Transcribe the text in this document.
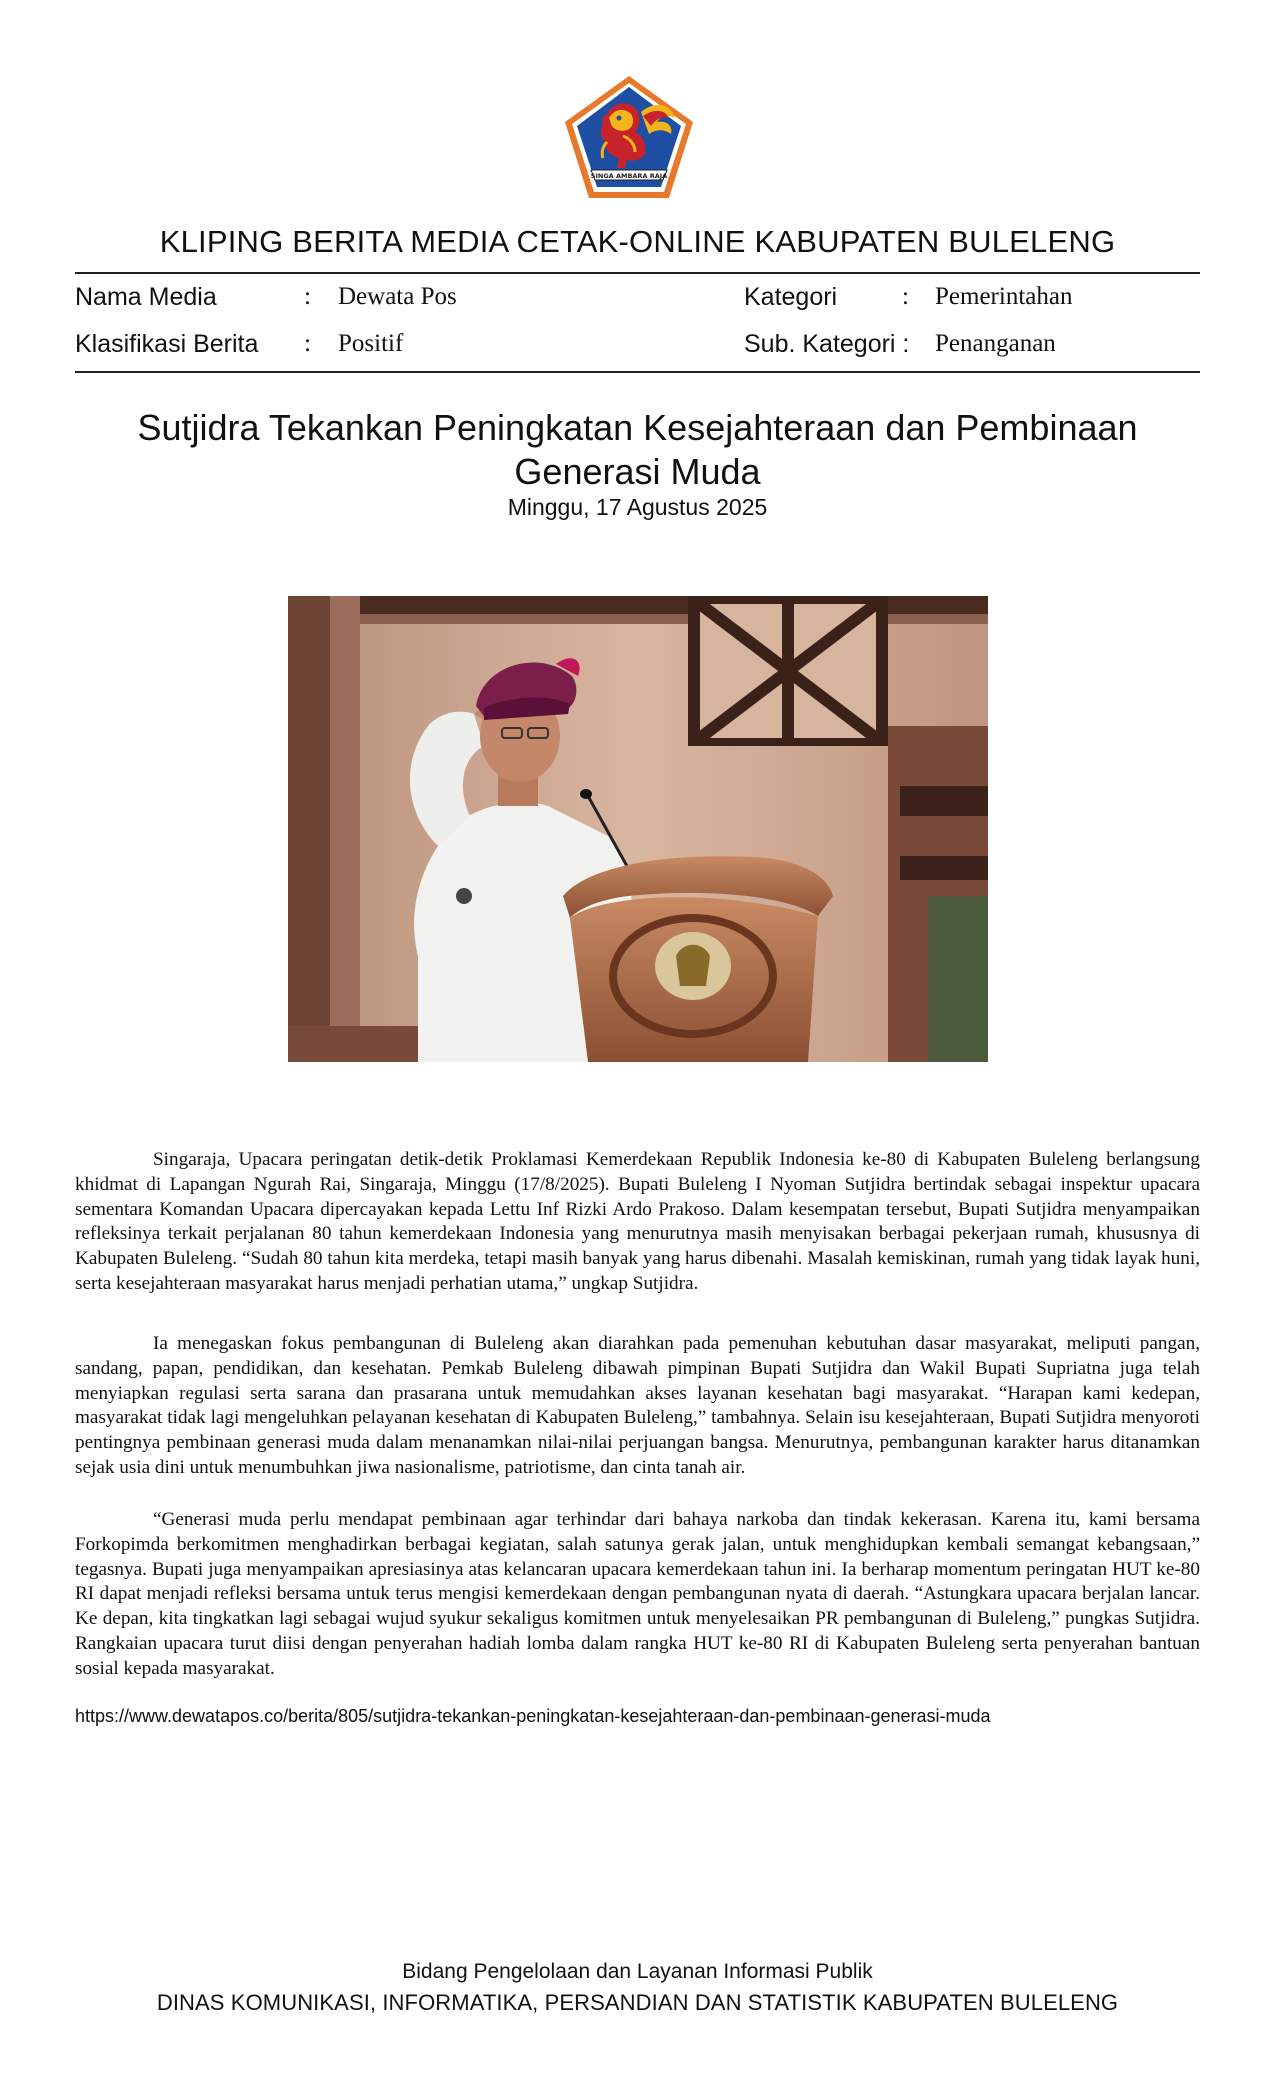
SINGA AMBARA RAJA
KLIPING BERITA MEDIA CETAK-ONLINE KABUPATEN BULELENG
Nama Media	: Dewata Pos	Kategori	: Pemerintahan
Klasifikasi Berita : Positif	Sub. Kategori : Penanganan
Sutjidra Tekankan Peningkatan Kesejahteraan dan Pembinaan
Generasi Muda
Minggu, 17 Agustus 2025

Singaraja, Upacara peringatan detik-detik Proklamasi Kemerdekaan Republik Indonesia ke-80 di Kabupaten Buleleng berlangsung khidmat di Lapangan Ngurah Rai, Singaraja, Minggu (17/8/2025). Bupati Buleleng I Nyoman Sutjidra bertindak sebagai inspektur upacara sementara Komandan Upacara dipercayakan kepada Lettu Inf Rizki Ardo Prakoso. Dalam kesempatan tersebut, Bupati Sutjidra menyampaikan refleksinya terkait perjalanan 80 tahun kemerdekaan Indonesia yang menurutnya masih menyisakan berbagai pekerjaan rumah, khususnya di Kabupaten Buleleng. “Sudah 80 tahun kita merdeka, tetapi masih banyak yang harus dibenahi. Masalah kemiskinan, rumah yang tidak layak huni, serta kesejahteraan masyarakat harus menjadi perhatian utama,” ungkap Sutjidra.

Ia menegaskan fokus pembangunan di Buleleng akan diarahkan pada pemenuhan kebutuhan dasar masyarakat, meliputi pangan, sandang, papan, pendidikan, dan kesehatan. Pemkab Buleleng dibawah pimpinan Bupati Sutjidra dan Wakil Bupati Supriatna juga telah menyiapkan regulasi serta sarana dan prasarana untuk memudahkan akses layanan kesehatan bagi masyarakat. “Harapan kami kedepan, masyarakat tidak lagi mengeluhkan pelayanan kesehatan di Kabupaten Buleleng,” tambahnya. Selain isu kesejahteraan, Bupati Sutjidra menyoroti pentingnya pembinaan generasi muda dalam menanamkan nilai-nilai perjuangan bangsa. Menurutnya, pembangunan karakter harus ditanamkan sejak usia dini untuk menumbuhkan jiwa nasionalisme, patriotisme, dan cinta tanah air.

“Generasi muda perlu mendapat pembinaan agar terhindar dari bahaya narkoba dan tindak kekerasan. Karena itu, kami bersama Forkopimda berkomitmen menghadirkan berbagai kegiatan, salah satunya gerak jalan, untuk menghidupkan kembali semangat kebangsaan,” tegasnya. Bupati juga menyampaikan apresiasinya atas kelancaran upacara kemerdekaan tahun ini. Ia berharap momentum peringatan HUT ke-80 RI dapat menjadi refleksi bersama untuk terus mengisi kemerdekaan dengan pembangunan nyata di daerah. “Astungkara upacara berjalan lancar. Ke depan, kita tingkatkan lagi sebagai wujud syukur sekaligus komitmen untuk menyelesaikan PR pembangunan di Buleleng,” pungkas Sutjidra. Rangkaian upacara turut diisi dengan penyerahan hadiah lomba dalam rangka HUT ke-80 RI di Kabupaten Buleleng serta penyerahan bantuan sosial kepada masyarakat.

https://www.dewatapos.co/berita/805/sutjidra-tekankan-peningkatan-kesejahteraan-dan-pembinaan-generasi-muda
Bidang Pengelolaan dan Layanan Informasi Publik
DINAS KOMUNIKASI, INFORMATIKA, PERSANDIAN DAN STATISTIK KABUPATEN BULELENG
